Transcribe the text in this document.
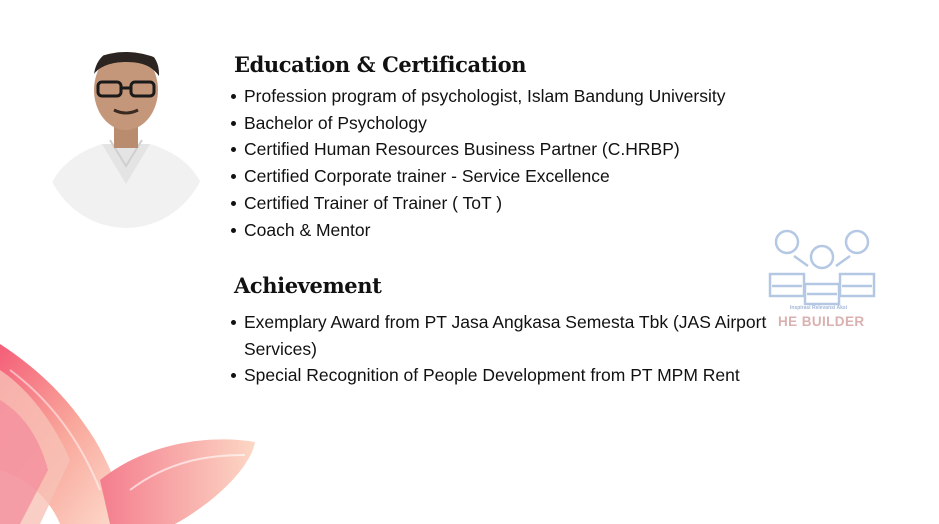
Education & Certification
Profession program of psychologist, Islam Bandung University
Bachelor of Psychology
Certified Human Resources Business Partner (C.HRBP)
Certified Corporate trainer - Service Excellence
Certified Trainer of Trainer ( ToT )
Coach & Mentor
Achievement
Exemplary Award from PT Jasa Angkasa Semesta Tbk (JAS Airport Services)
Special Recognition of People Development from PT MPM Rent
Inspirasi Relevansi Aksi
HE BUILDER
